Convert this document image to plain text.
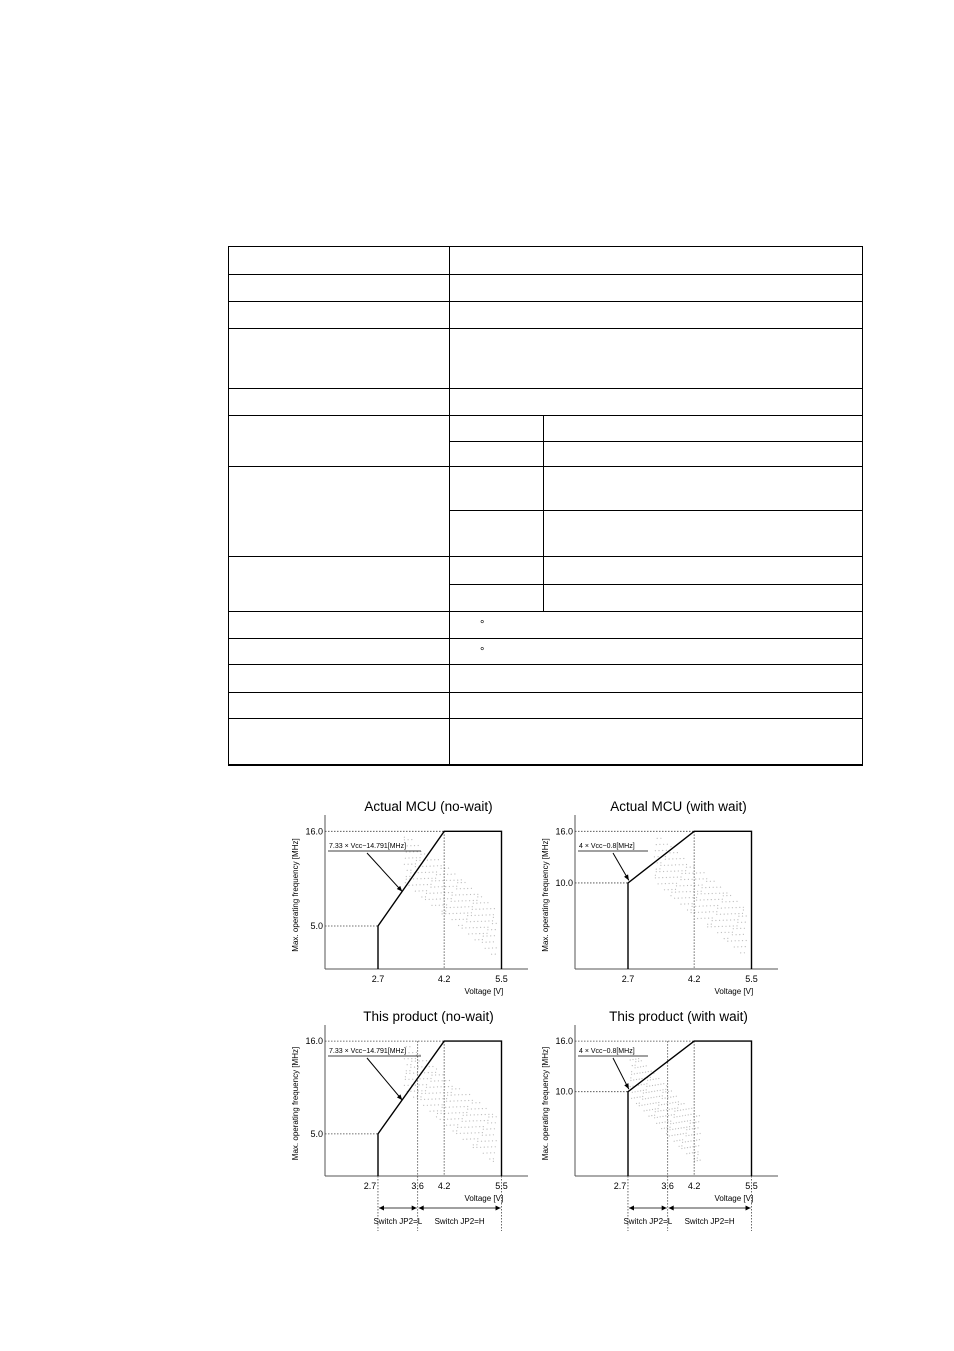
	°	
	°	

Actual MCU (no-wait)
Max. operating frequency [MHz] 5.0
16.0
2.7	4.2	5.5
Voltage [V]
7.33 × Vcc−14.791[MHz]
Actual MCU (with wait)
Max. operating frequency [MHz] 10.0
16.0
2.7	4.2	5.5
Voltage [V]
4 × Vcc−0.8[MHz]
This product (no-wait)
Max. operating frequency [MHz] 5.0
16.0
2.7	3.6 4.2	5.5
Voltage [V]
7.33 × Vcc−14.791[MHz]
Switch JP2=L Switch JP2=H
This product (with wait)
Max. operating frequency [MHz] 10.0
16.0
2.7	3.6 4.2	5.5
Voltage [V]
4 × Vcc−0.8[MHz]
Switch JP2=L Switch JP2=H
